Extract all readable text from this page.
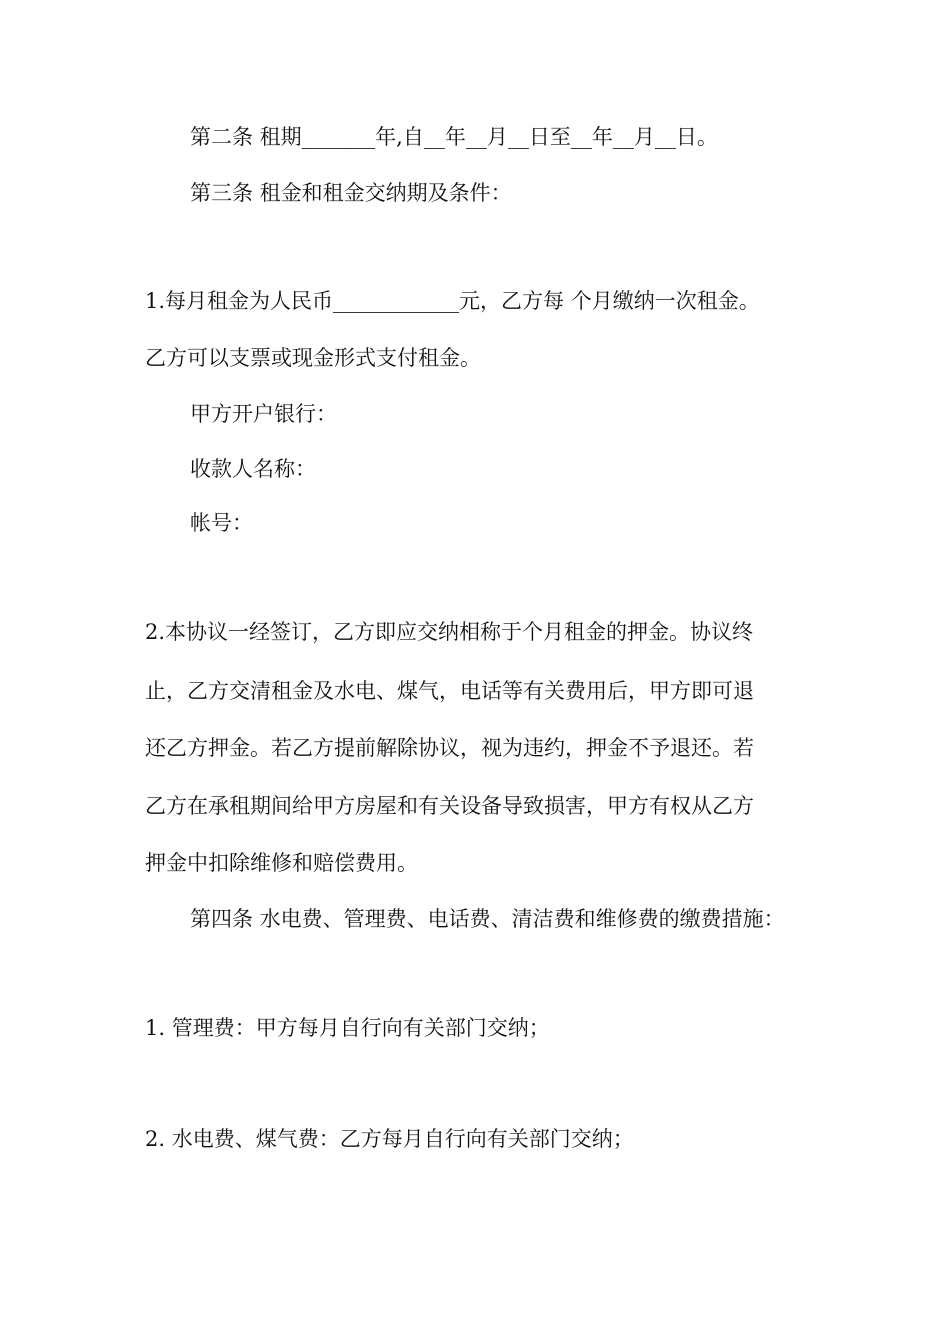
第二条 租期_______年,自__年__月__日至__年__月__日。
第三条 租金和租金交纳期及条件：
1.每月租金为人民币____________元，乙方每 个月缴纳一次租金。
乙方可以支票或现金形式支付租金。
甲方开户银行：
收款人名称：
帐号：
2.本协议一经签订，乙方即应交纳相称于个月租金的押金。协议终
止，乙方交清租金及水电、煤气，电话等有关费用后，甲方即可退
还乙方押金。若乙方提前解除协议，视为违约，押金不予退还。若
乙方在承租期间给甲方房屋和有关设备导致损害，甲方有权从乙方
押金中扣除维修和赔偿费用。
第四条 水电费、管理费、电话费、清洁费和维修费的缴费措施：
1. 管理费：甲方每月自行向有关部门交纳；
2. 水电费、煤气费：乙方每月自行向有关部门交纳；
